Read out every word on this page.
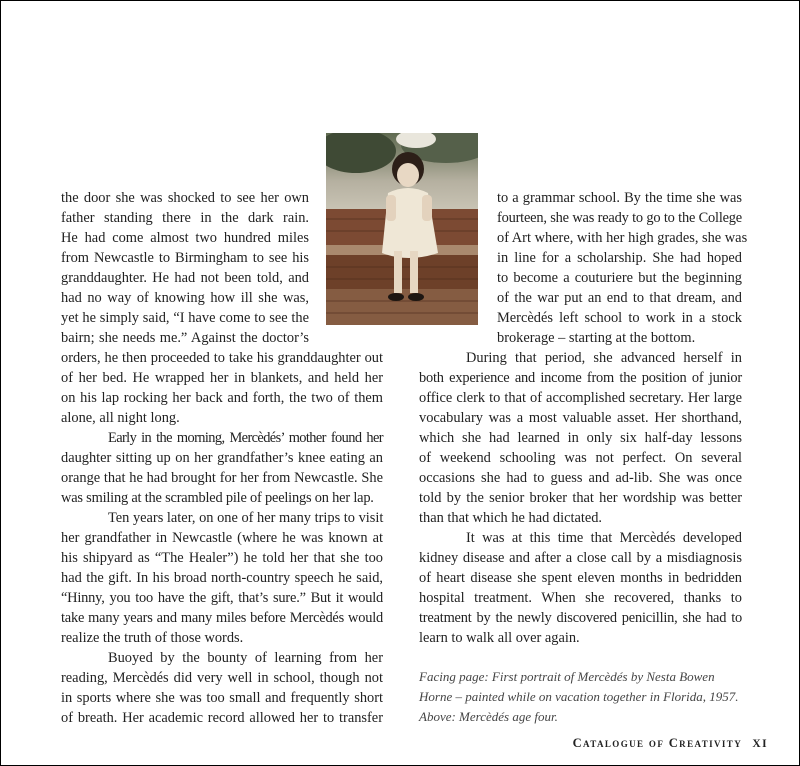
the door she was shocked to see her own

father standing there in the dark rain.

He had come almost two hundred miles

from Newcastle to Birmingham to see his

granddaughter. He had not been told, and

had no way of knowing how ill she was,

yet he simply said, “I have come to see the

bairn; she needs me.” Against the doctor’s

orders, he then proceeded to take his granddaughter out

of her bed. He wrapped her in blankets, and held her

on his lap rocking her back and forth, the two of them

alone, all night long.

Early in the morning, Mercèdés’ mother found her

daughter sitting up on her grandfather’s knee eating an

orange that he had brought for her from Newcastle. She

was smiling at the scrambled pile of peelings on her lap.

Ten years later, on one of her many trips to visit

her grandfather in Newcastle (where he was known at

his shipyard as “The Healer”) he told her that she too

had the gift. In his broad north-country speech he said,

“Hinny, you too have the gift, that’s sure.” But it would

take many years and many miles before Mercèdés would

realize the truth of those words.

Buoyed by the bounty of learning from her

reading, Mercèdés did very well in school, though not

in sports where she was too small and frequently short

of breath. Her academic record allowed her to transfer

to a grammar school. By the time she was

fourteen, she was ready to go to the College

of Art where, with her high grades, she was

in line for a scholarship. She had hoped

to become a couturiere but the beginning

of the war put an end to that dream, and

Mercèdés left school to work in a stock

brokerage – starting at the bottom.

During that period, she advanced herself in

both experience and income from the position of junior

office clerk to that of accomplished secretary. Her large

vocabulary was a most valuable asset. Her shorthand,

which she had learned in only six half-day lessons

of weekend schooling was not perfect. On several

occasions she had to guess and ad-lib. She was once

told by the senior broker that her wordship was better

than that which he had dictated.

It was at this time that Mercèdés developed

kidney disease and after a close call by a misdiagnosis

of heart disease she spent eleven months in bedridden

hospital treatment. When she recovered, thanks to

treatment by the newly discovered penicillin, she had to

learn to walk all over again.

Facing page: First portrait of Mercèdés by Nesta Bowen

Horne – painted while on vacation together in Florida, 1957.

Above: Mercèdés age four.

Catalogue of Creativity XI
